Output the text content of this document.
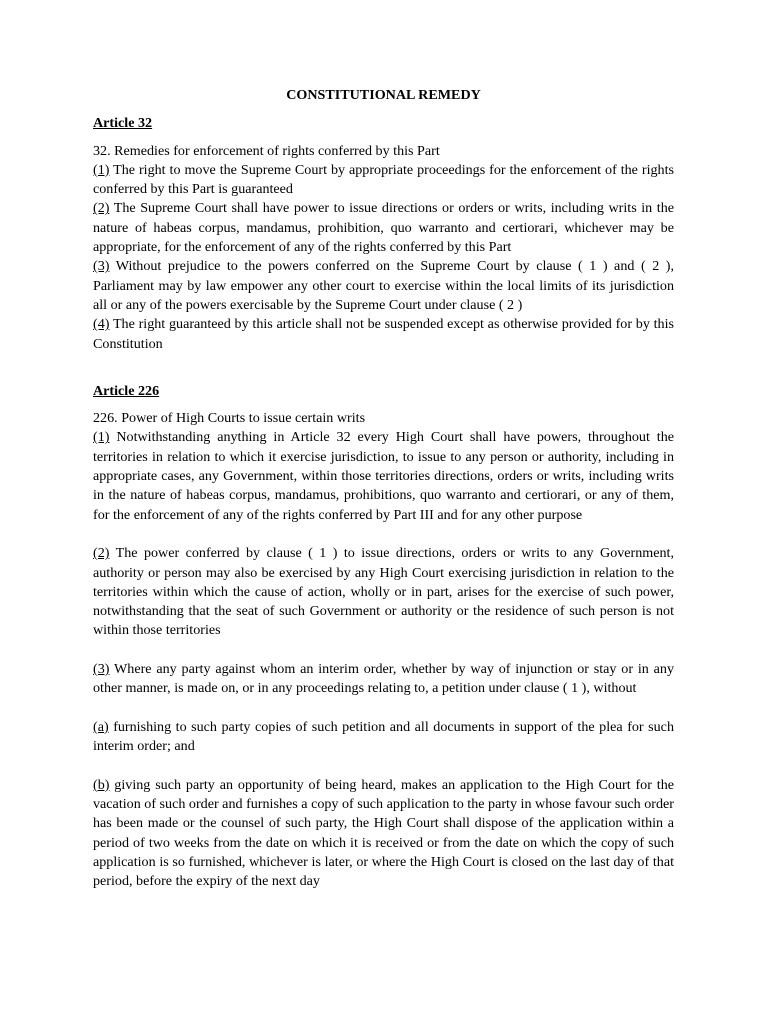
CONSTITUTIONAL REMEDY
Article 32
32. Remedies for enforcement of rights conferred by this Part

(1) The right to move the Supreme Court by appropriate proceedings for the enforcement of the rights conferred by this Part is guaranteed

(2) The Supreme Court shall have power to issue directions or orders or writs, including writs in the nature of habeas corpus, mandamus, prohibition, quo warranto and certiorari, whichever may be appropriate, for the enforcement of any of the rights conferred by this Part

(3) Without prejudice to the powers conferred on the Supreme Court by clause ( 1 ) and ( 2 ), Parliament may by law empower any other court to exercise within the local limits of its jurisdiction all or any of the powers exercisable by the Supreme Court under clause ( 2 )

(4) The right guaranteed by this article shall not be suspended except as otherwise provided for by this Constitution

Article 226
226. Power of High Courts to issue certain writs

(1) Notwithstanding anything in Article 32 every High Court shall have powers, throughout the territories in relation to which it exercise jurisdiction, to issue to any person or authority, including in appropriate cases, any Government, within those territories directions, orders or writs, including writs in the nature of habeas corpus, mandamus, prohibitions, quo warranto and certiorari, or any of them, for the enforcement of any of the rights conferred by Part III and for any other purpose

(2) The power conferred by clause ( 1 ) to issue directions, orders or writs to any Government, authority or person may also be exercised by any High Court exercising jurisdiction in relation to the territories within which the cause of action, wholly or in part, arises for the exercise of such power, notwithstanding that the seat of such Government or authority or the residence of such person is not within those territories

(3) Where any party against whom an interim order, whether by way of injunction or stay or in any other manner, is made on, or in any proceedings relating to, a petition under clause ( 1 ), without

(a) furnishing to such party copies of such petition and all documents in support of the plea for such interim order; and

(b) giving such party an opportunity of being heard, makes an application to the High Court for the vacation of such order and furnishes a copy of such application to the party in whose favour such order has been made or the counsel of such party, the High Court shall dispose of the application within a period of two weeks from the date on which it is received or from the date on which the copy of such application is so furnished, whichever is later, or where the High Court is closed on the last day of that period, before the expiry of the next day
